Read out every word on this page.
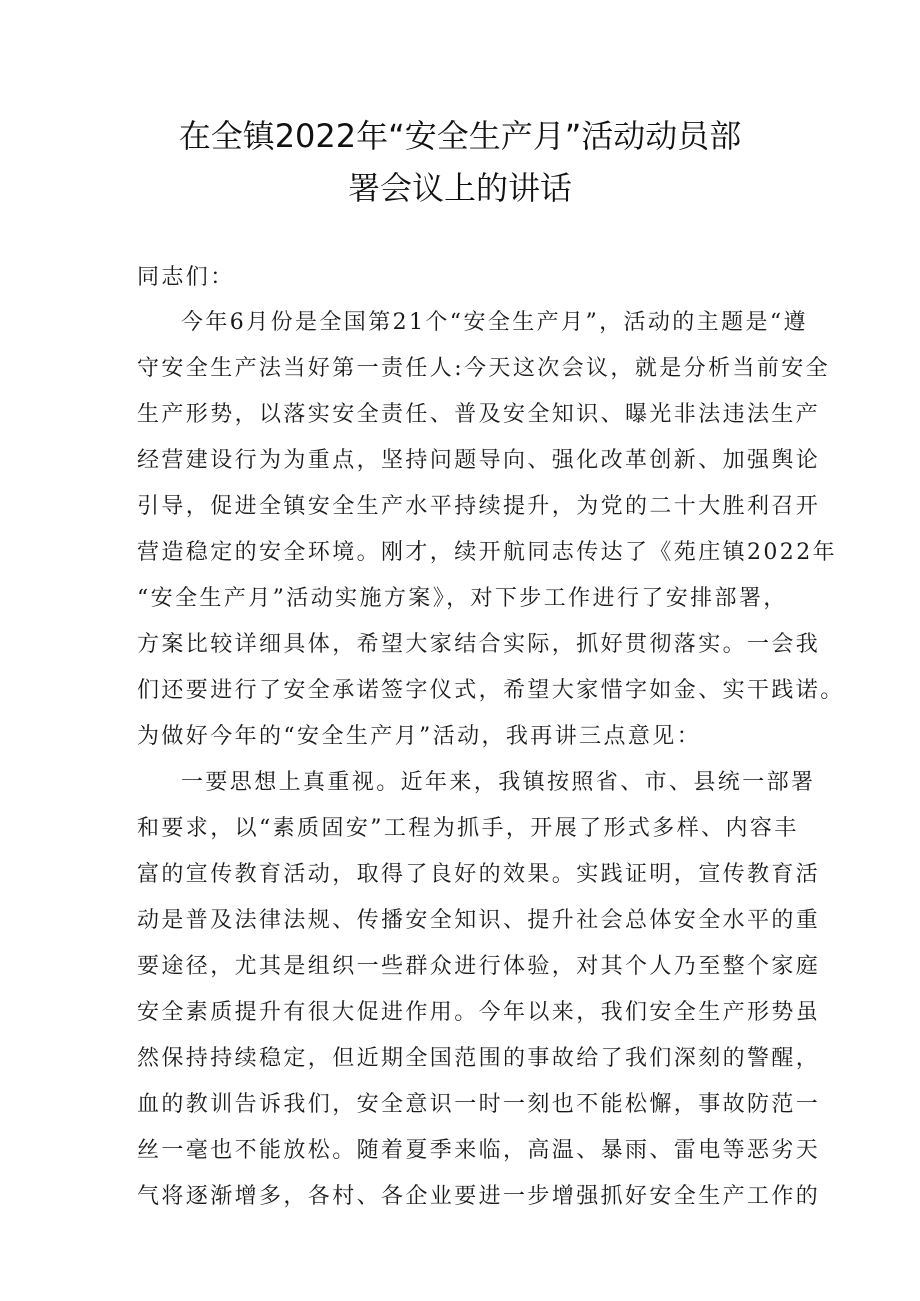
在全镇2022年“安全生产月”活动动员部
署会议上的讲话
同志们：
今年6月份是全国第21个“安全生产月”，活动的主题是“遵
守安全生产法当好第一责任人:今天这次会议，就是分析当前安全
生产形势，以落实安全责任、普及安全知识、曝光非法违法生产
经营建设行为为重点，坚持问题导向、强化改革创新、加强舆论
引导，促进全镇安全生产水平持续提升，为党的二十大胜利召开
营造稳定的安全环境。刚才，续开航同志传达了《苑庄镇2022年
“安全生产月”活动实施方案》，对下步工作进行了安排部署，
方案比较详细具体，希望大家结合实际，抓好贯彻落实。一会我
们还要进行了安全承诺签字仪式，希望大家惜字如金、实干践诺。
为做好今年的“安全生产月”活动，我再讲三点意见：
一要思想上真重视。近年来，我镇按照省、市、县统一部署
和要求，以“素质固安”工程为抓手，开展了形式多样、内容丰
富的宣传教育活动，取得了良好的效果。实践证明，宣传教育活
动是普及法律法规、传播安全知识、提升社会总体安全水平的重
要途径，尤其是组织一些群众进行体验，对其个人乃至整个家庭
安全素质提升有很大促进作用。今年以来，我们安全生产形势虽
然保持持续稳定，但近期全国范围的事故给了我们深刻的警醒，
血的教训告诉我们，安全意识一时一刻也不能松懈，事故防范一
丝一毫也不能放松。随着夏季来临，高温、暴雨、雷电等恶劣天
气将逐渐增多，各村、各企业要进一步增强抓好安全生产工作的
